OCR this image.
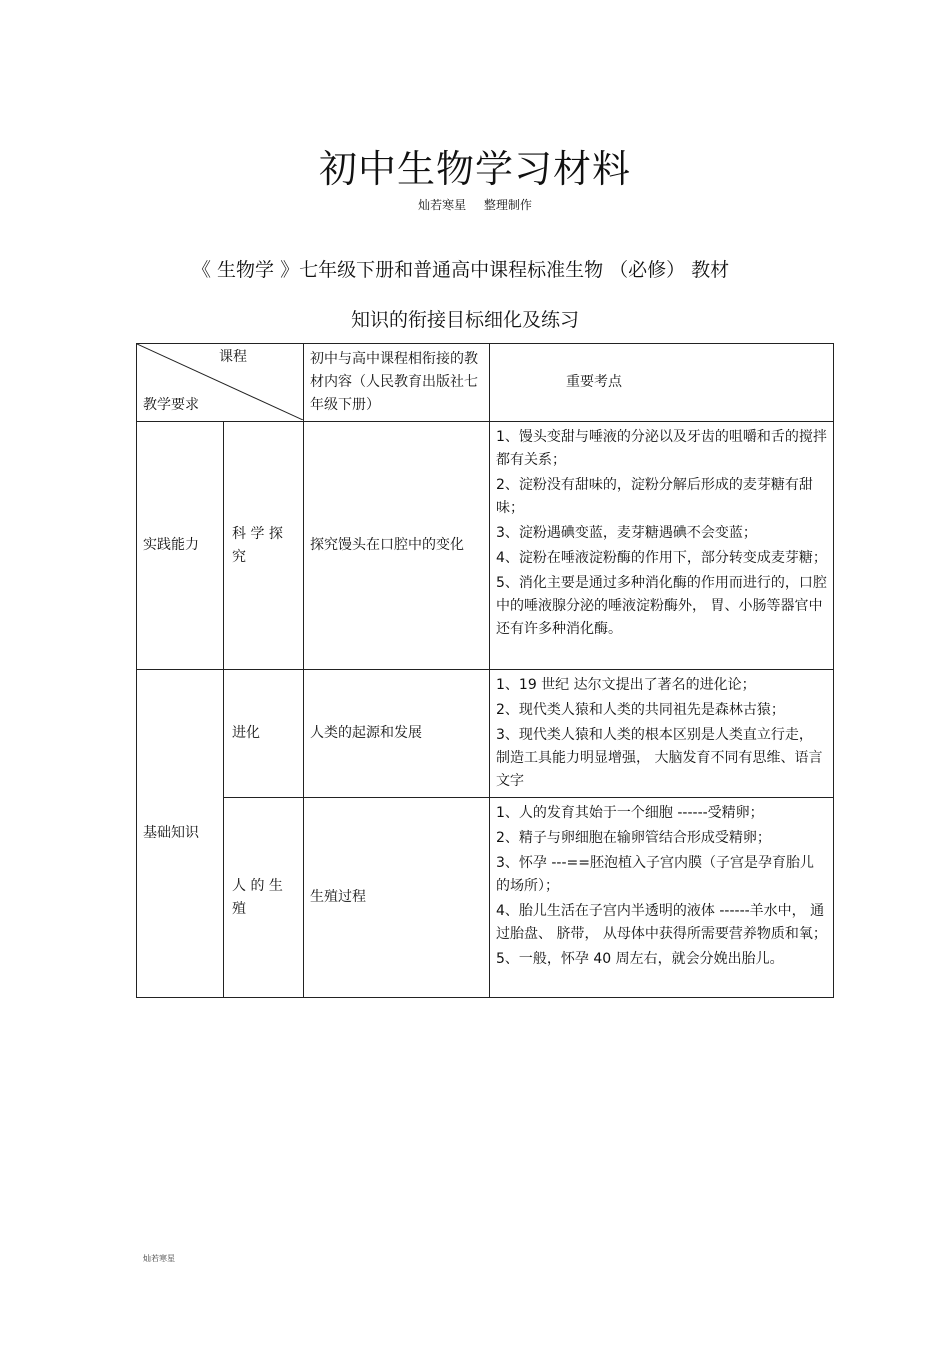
初中生物学习材料
灿若寒星 整理制作
《 生物学 》七年级下册和普通高中课程标准生物 （必修） 教材
知识的衔接目标细化及练习
课程
教学要求		初中与高中课程相衔接的教材内容（人民教育出版社七年级下册）	重要考点
实践能力	科 学 探 究	探究馒头在口腔中的变化	1、馒头变甜与唾液的分泌以及牙齿的咀嚼和舌的搅拌都有关系；

2、淀粉没有甜味的，淀粉分解后形成的麦芽糖有甜味；

3、淀粉遇碘变蓝，麦芽糖遇碘不会变蓝；

4、淀粉在唾液淀粉酶的作用下，部分转变成麦芽糖；

5、消化主要是通过多种消化酶的作用而进行的，口腔中的唾液腺分泌的唾液淀粉酶外， 胃、小肠等器官中还有许多种消化酶。

基础知识	进化	人类的起源和发展	1、19 世纪 达尔文提出了著名的进化论；

2、现代类人猿和人类的共同祖先是森林古猿；

3、现代类人猿和人类的根本区别是人类直立行走， 制造工具能力明显增强， 大脑发育不同有思维、语言文字

	人 的 生 殖	生殖过程	1、人的发育其始于一个细胞 ------受精卵；

2、精子与卵细胞在输卵管结合形成受精卵；

3、怀孕 ---==胚泡植入子宫内膜（子宫是孕育胎儿的场所）；

4、胎儿生活在子宫内半透明的液体 ------羊水中， 通过胎盘、 脐带， 从母体中获得所需要营养物质和氧；

5、一般，怀孕 40 周左右，就会分娩出胎儿。

灿若寒星
